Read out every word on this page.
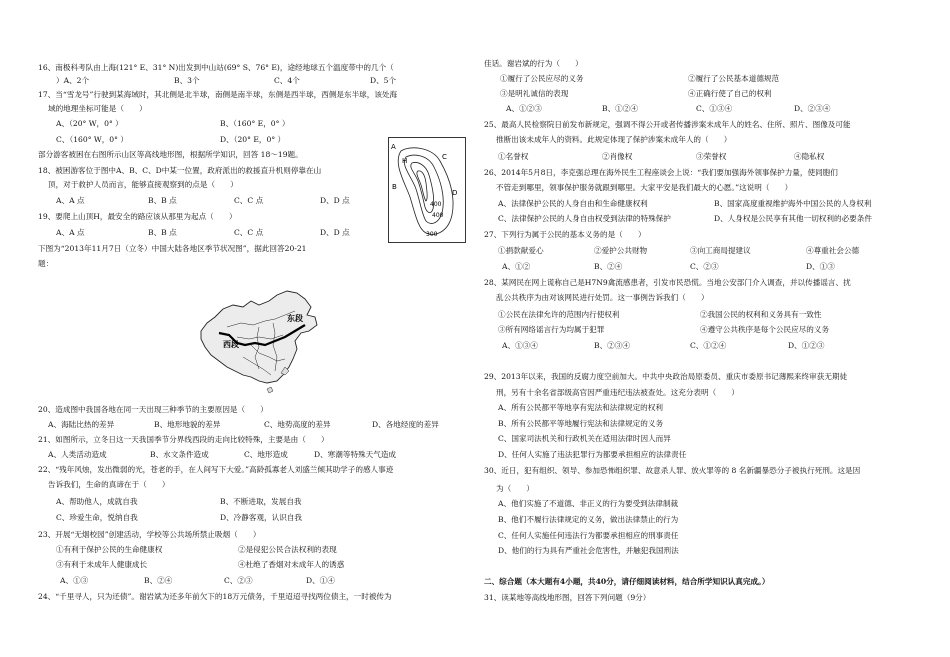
16、南极科考队由上海(121° E、31° N)出发到中山站(69° S、76° E)，途经地球五个温度带中的几个（
）A、2个	B、3个	C、4个	D、5个
17、当“雪龙号”行驶到某海域时，其北侧是北半球，南侧是南半球，东侧是西半球，西侧是东半球，该处海
域的地理坐标可能是（　　）
A、（20° W，0° ）	B、（160° E，0° ）
C、（160° W，0° ）	D、（20° E，0° ）
部分游客被困在右图所示山区等高线地形图，根据所学知识，回答 18～19题。
18、被困游客位于图中A、B、C、D中某一位置，政府派出的救援直升机则停靠在山
顶，对于救护人员而言，能够直接观察到的点是（　　）
A、A 点	B、B 点	C、C 点	D、D 点
19、要爬上山顶H，最安全的路应该从那里为起点（　　）
A、A 点	B、B 点	C、C 点	D、D 点
下图为“2013年11月7日（立冬）中国大陆各地区季节状况图”，据此回答20-21
题：
20、造成图中我国各地在同一天出现三种季节的主要原因是（　　）
A、海陆比热的差异	B、地形地貌的差异	C、地势高度的差异	D、各地经度的差异
21、如图所示，立冬日这一天我国季节分界线西段的走向比较特殊，主要是由（　　）
A、人类活动造成	B、水文条件造成	C、地形造成	D、寒潮等特殊天气造成
22、“残年风烛，发出微弱的光，苍老的手，在人间写下大爱。”高龄孤寡老人刘盛兰倾其助学子的感人事迹
告诉我们，生命的真谛在于（　　）
A、帮助他人，成就自我	B、不断进取，发展自我
C、珍爱生命，悦纳自我	D、冷静客观，认识自我
23、开展“无烟校园”创建活动，学校等公共场所禁止吸烟（　　）
①有利于保护公民的生命健康权	②是侵犯公民合法权利的表现
③有利于未成年人健康成长	④杜绝了香烟对未成年人的诱惑
A、①③	B、②④	C、②③	D、①④
24、“千里寻人，只为还债”。谢岩斌为还多年前欠下的18万元债务，千里迢迢寻找两位债主，一时被传为
A
H	C
D
B
400
400
300
东段
西段
佳话。谢岩斌的行为（　　）
①履行了公民应尽的义务	②履行了公民基本道德规范
③是明礼诚信的表现	④正确行使了自己的权利
A、①②③	B、①②④	C、①③④	D、②③④
25、最高人民检察院日前发布新规定，强调不得公开或者传播涉案未成年人的姓名、住所、照片、图像及可能
推断出该未成年人的资料。此规定体现了保护涉案未成年人的（　　）
①名誉权	②肖像权	③荣誉权	④隐私权
26、2014年5月8日，李克强总理在海外民生工程座谈会上说：“我们要加强海外领事保护力量，使同胞们
不管走到哪里，领事保护服务就跟到哪里。大家平安是我们最大的心愿。”这说明（　　）
A、法律保护公民的人身自由和生命健康权利	B、国家高度重视维护海外中国公民的人身权利
C、法律保护公民的人身自由权受到法律的特殊保护	D、人身权是公民享有其他一切权利的必要条件
27、下列行为属于公民的基本义务的是（　　）
①捐款献爱心	②爱护公共财物	③向工商局提建议	④尊重社会公德
A、①②	B、②④	C、②③	D、①③
28、某网民在网上谎称自己是H7N9禽流感患者，引发市民恐慌。当地公安部门介入调查，并以传播谣言、扰
乱公共秩序为由对该网民进行处罚。这一事例告诉我们（　　）
①公民在法律允许的范围内行使权利	②我国公民的权利和义务具有一致性
③所有网络谣言行为均属于犯罪	④遵守公共秩序是每个公民应尽的义务
A、①③④	B、②③④	C、①②④	D、①②③
29、2013年以来，我国的反腐力度空前加大。中共中央政治局原委员、重庆市委原书记薄熙来终审获无期徒
刑，另有十余名省部级高官因严重违纪违法被查处。这充分表明（　　）
A、所有公民都平等地享有宪法和法律规定的权利
B、所有公民都平等地履行宪法和法律规定的义务
C、国家司法机关和行政机关在适用法律时因人而异
D、任何人实施了违法犯罪行为都要承担相应的法律责任
30、近日，犯有组织、领导、参加恐怖组织罪、故意杀人罪、放火罪等的 8 名新疆暴恐分子被执行死刑。这是因
为（　　）
A、他们实施了不道德、非正义的行为要受到法律制裁
B、他们不履行法律规定的义务，做出法律禁止的行为
C、任何人实施任何违法行为都要承担相应的刑事责任
D、他们的行为具有严重社会危害性，并触犯我国刑法
二、综合题（本大题有4小题，共40分，请仔细阅读材料，结合所学知识认真完成。）
31、读某地等高线地形图，回答下列问题（9分）
